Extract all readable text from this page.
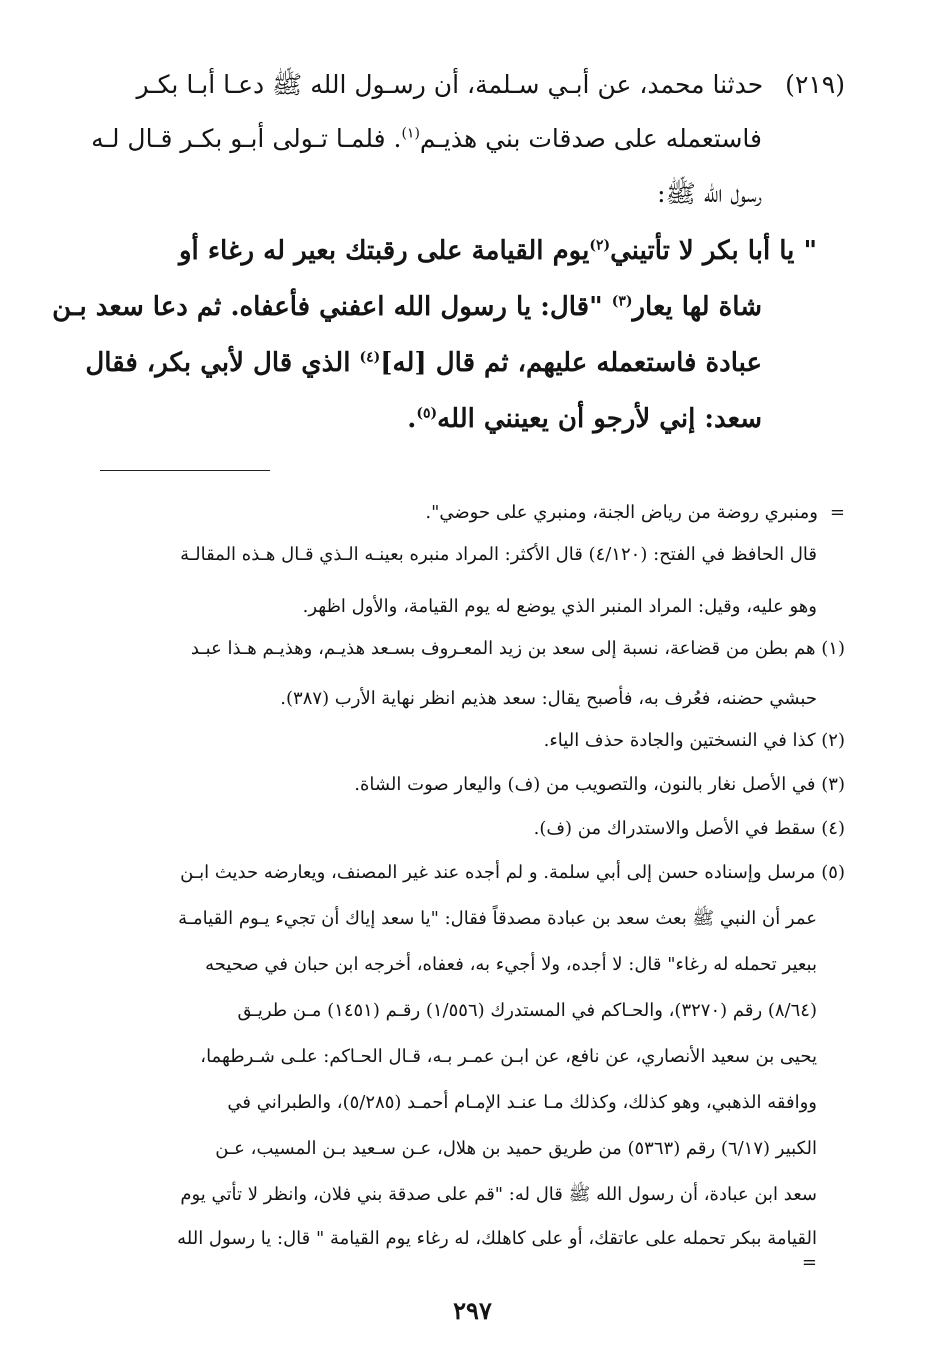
(٢١٩)حدثنا محمد، عن أبـي سـلمة، أن رسـول الله ﷺ دعـا أبـا بكـر
فاستعمله على صدقات بني هذيـم$^{(١)}$. فلمـا تـولى أبـو بكـر قـال لـه
رسول الله ﷺ:
" يا أبا بكر لا تأتيني$^{(٢)}$يوم القيامة على رقبتك بعير له رغاء أو
شاة لها يعار$^{(٣)}$ "قال: يا رسول الله اعفني فأعفاه. ثم دعا سعد بـن
عبادة فاستعمله عليهم، ثم قال [له]$^{(٤)}$ الذي قال لأبي بكر، فقال
سعد: إني لأرجو أن يعينني الله$^{(٥)}$.
=ومنبري روضة من رياض الجنة، ومنبري على حوضي".
قال الحافظ في الفتح: (٤/١٢٠) قال الأكثر: المراد منبره بعينـه الـذي قـال هـذه المقالـة
وهو عليه، وقيل: المراد المنبر الذي يوضع له يوم القيامة، والأول اظهر.
(١) هم بطن من قضاعة، نسبة إلى سعد بن زيد المعـروف بسـعد هذيـم، وهذيـم هـذا عبـد
حبشي حضنه، فعُرف به، فأصبح يقال: سعد هذيم انظر نهاية الأرب (٣٨٧).
(٢) كذا في النسختين والجادة حذف الياء.
(٣) في الأصل نغار بالنون، والتصويب من (ف) واليعار صوت الشاة.
(٤) سقط في الأصل والاستدراك من (ف).
(٥) مرسل وإسناده حسن إلى أبي سلمة. و لم أجده عند غير المصنف، ويعارضه حديث ابـن
عمر أن النبي ﷺ بعث سعد بن عبادة مصدقاً فقال: "يا سعد إياك أن تجيء يـوم القيامـة
ببعير تحمله له رغاء" قال: لا أجده، ولا أجيء به، فعفاه، أخرجه ابن حبان في صحيحه
(٨/٦٤) رقم (٣٢٧٠)، والحـاكم في المستدرك (١/٥٥٦) رقـم (١٤٥١) مـن طريـق
يحيى بن سعيد الأنصاري، عن نافع، عن ابـن عمـر بـه، قـال الحـاكم: علـى شـرطهما،
ووافقه الذهبي، وهو كذلك، وكذلك مـا عنـد الإمـام أحمـد (٥/٢٨٥)، والطبراني في
الكبير (٦/١٧) رقم (٥٣٦٣) من طريق حميد بن هلال، عـن سـعيد بـن المسيب، عـن
سعد ابن عبادة، أن رسول الله ﷺ قال له: "قم على صدقة بني فلان، وانظر لا تأتي يوم
القيامة ببكر تحمله على عاتقك، أو على كاهلك، له رغاء يوم القيامة " قال: يا رسول الله
=
٢٩٧
